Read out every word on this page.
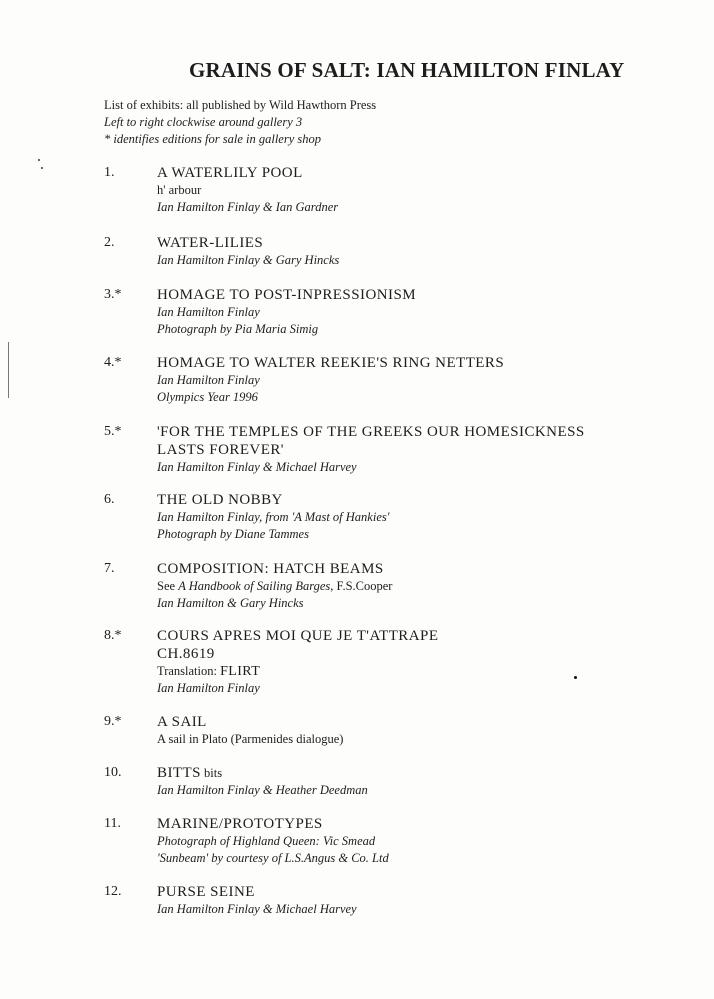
GRAINS OF SALT: IAN HAMILTON FINLAY
List of exhibits: all published by Wild Hawthorn Press
Left to right clockwise around gallery 3
* identifies editions for sale in gallery shop
1.	A WATERLILY POOL
h' arbour
Ian Hamilton Finlay & Ian Gardner
2.	WATER-LILIES
Ian Hamilton Finlay & Gary Hincks
3.*	HOMAGE TO POST-INPRESSIONISM
Ian Hamilton Finlay
Photograph by Pia Maria Simig
4.*	HOMAGE TO WALTER REEKIE'S RING NETTERS
Ian Hamilton Finlay
Olympics Year 1996
5.*	'FOR THE TEMPLES OF THE GREEKS OUR HOMESICKNESS
LASTS FOREVER'
Ian Hamilton Finlay & Michael Harvey
6.	THE OLD NOBBY
Ian Hamilton Finlay, from 'A Mast of Hankies'
Photograph by Diane Tammes
7.	COMPOSITION: HATCH BEAMS
See A Handbook of Sailing Barges, F.S.Cooper
Ian Hamilton & Gary Hincks
8.*	COURS APRES MOI QUE JE T'ATTRAPE
CH.8619
Translation: FLIRT
Ian Hamilton Finlay
9.*	A SAIL
A sail in Plato (Parmenides dialogue)
10.	BITTS bits
Ian Hamilton Finlay & Heather Deedman
11.	MARINE/PROTOTYPES
Photograph of Highland Queen: Vic Smead
'Sunbeam' by courtesy of L.S.Angus & Co. Ltd
12.	PURSE SEINE
Ian Hamilton Finlay & Michael Harvey
